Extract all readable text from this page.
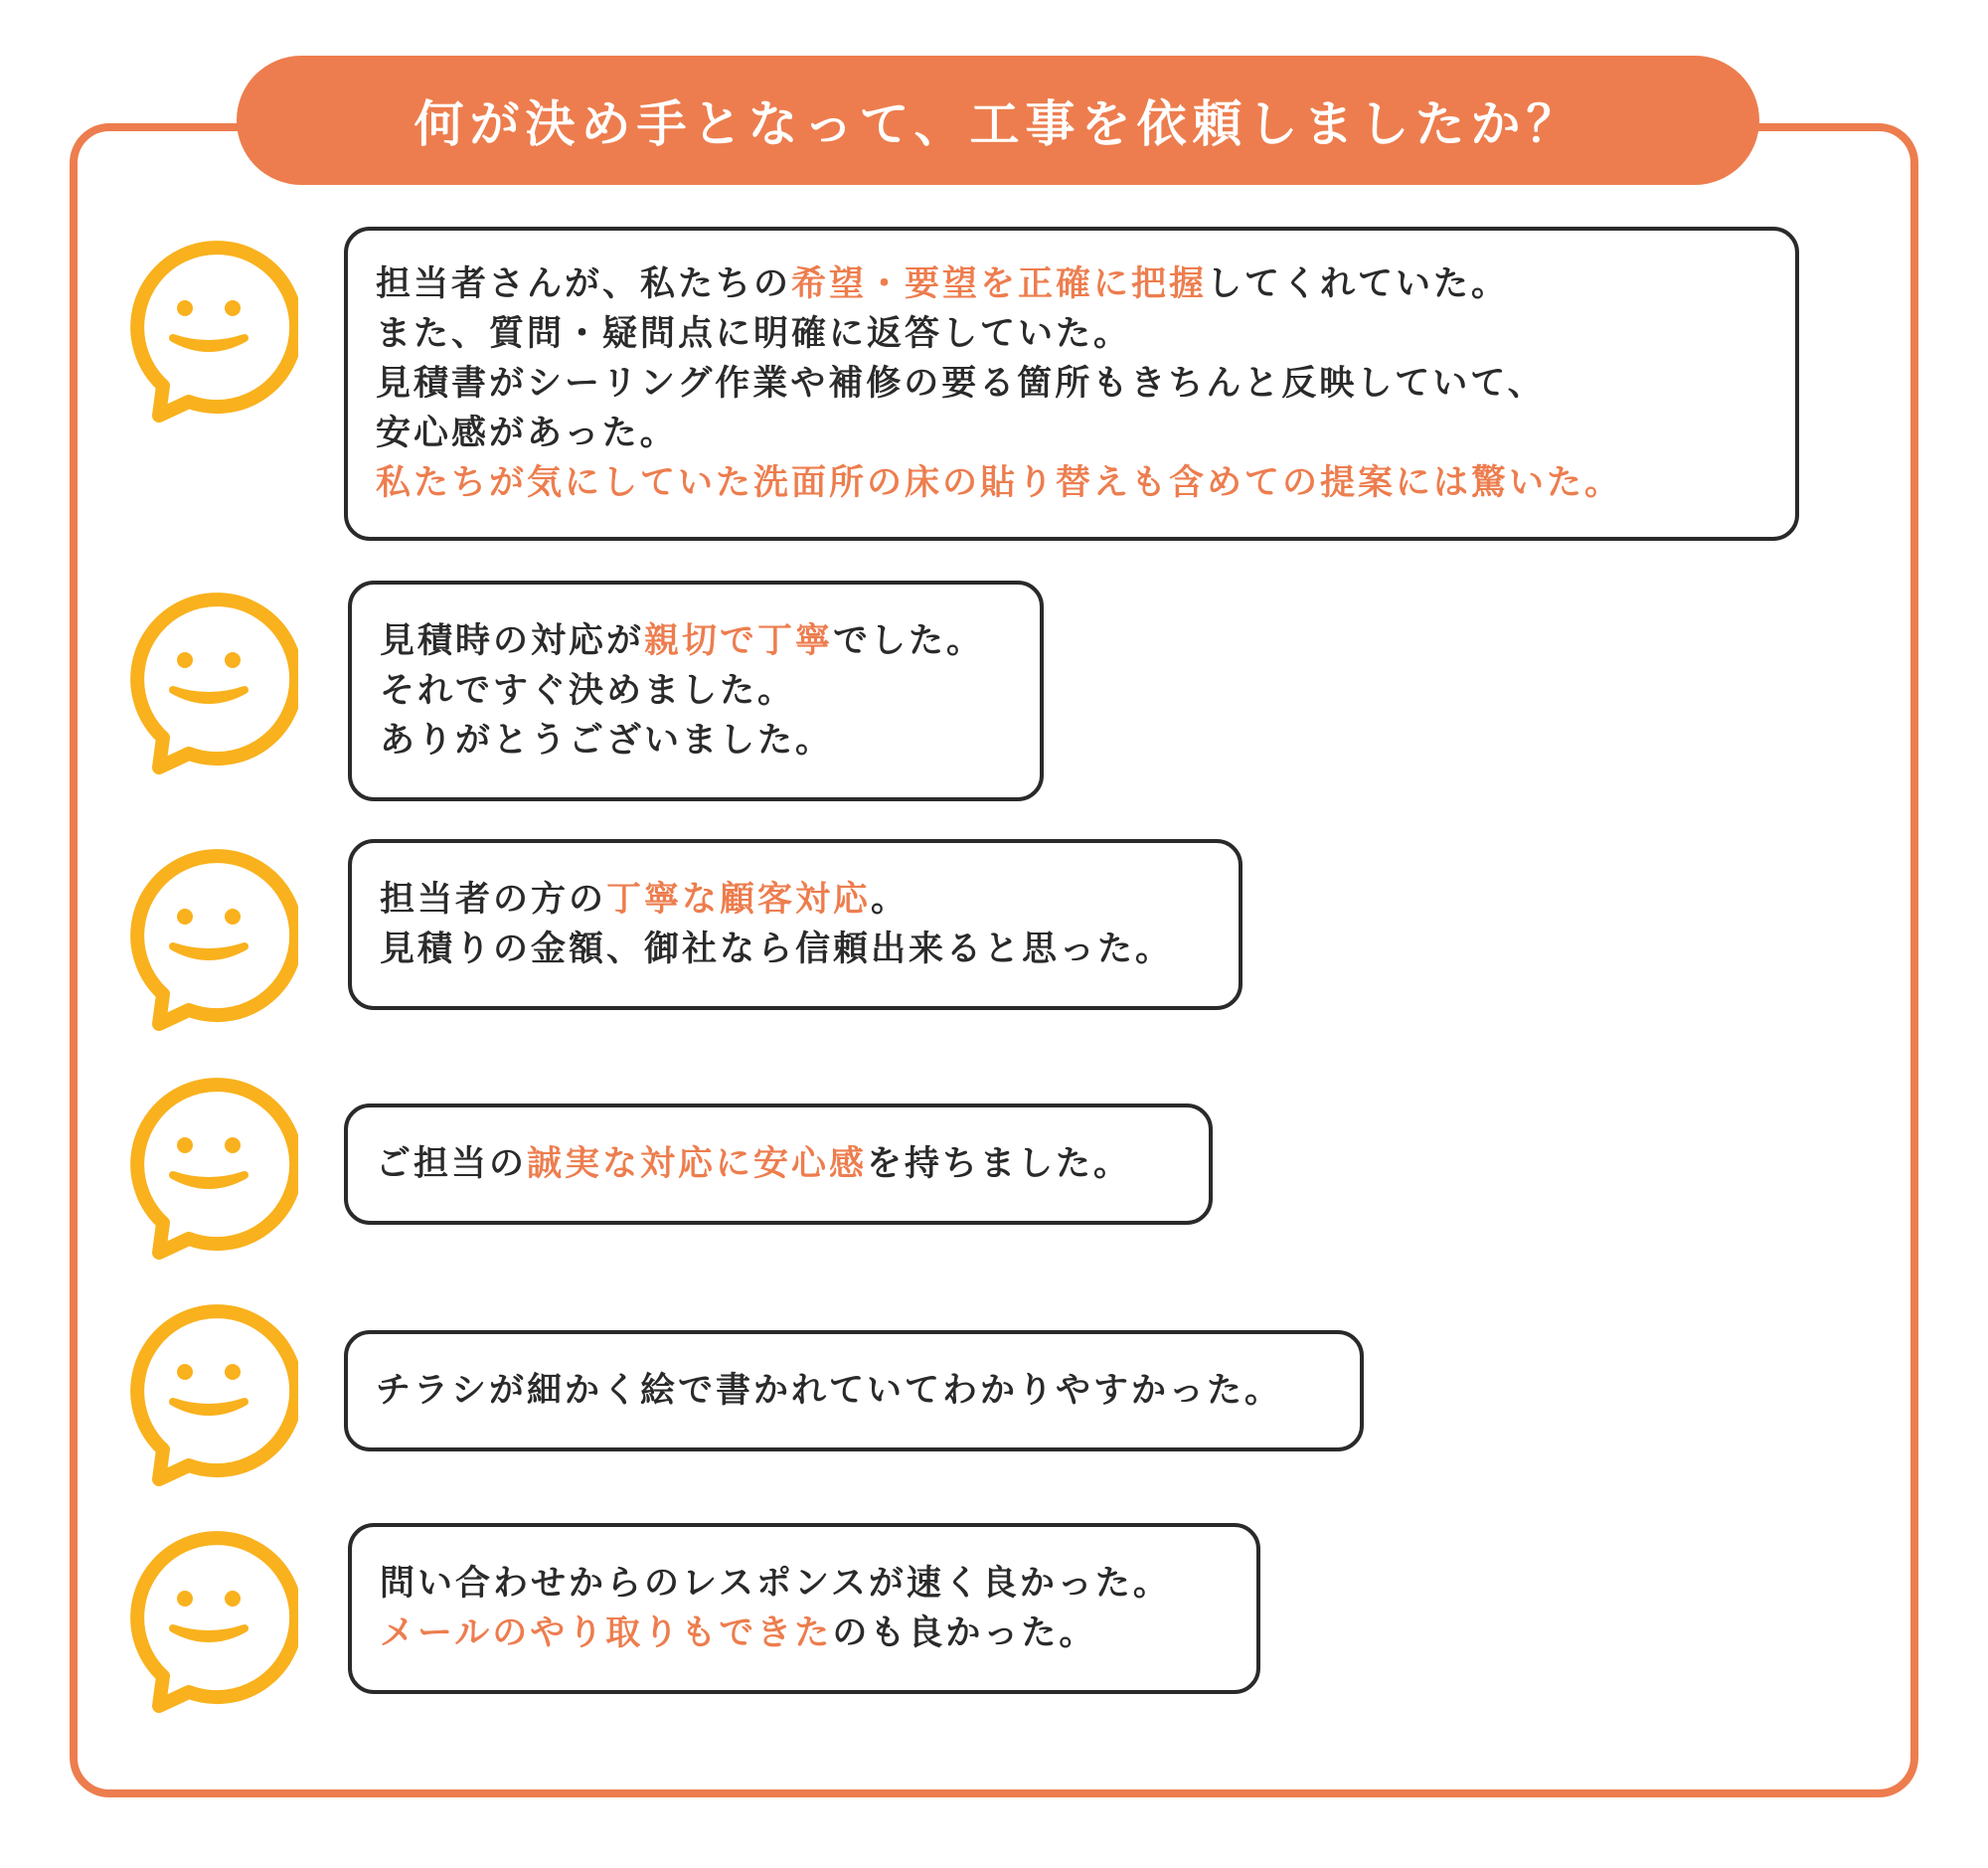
何が決め手となって、工事を依頼しましたか？
担当者さんが、私たちの希望・要望を正確に把握してくれていた。
また、質問・疑問点に明確に返答していた。
見積書がシーリング作業や補修の要る箇所もきちんと反映していて、
安心感があった。
私たちが気にしていた洗面所の床の貼り替えも含めての提案には驚いた。
見積時の対応が親切で丁寧でした。
それですぐ決めました。
ありがとうございました。
担当者の方の丁寧な顧客対応。
見積りの金額、御社なら信頼出来ると思った。
ご担当の誠実な対応に安心感を持ちました。
チラシが細かく絵で書かれていてわかりやすかった。
問い合わせからのレスポンスが速く良かった。
メールのやり取りもできたのも良かった。
